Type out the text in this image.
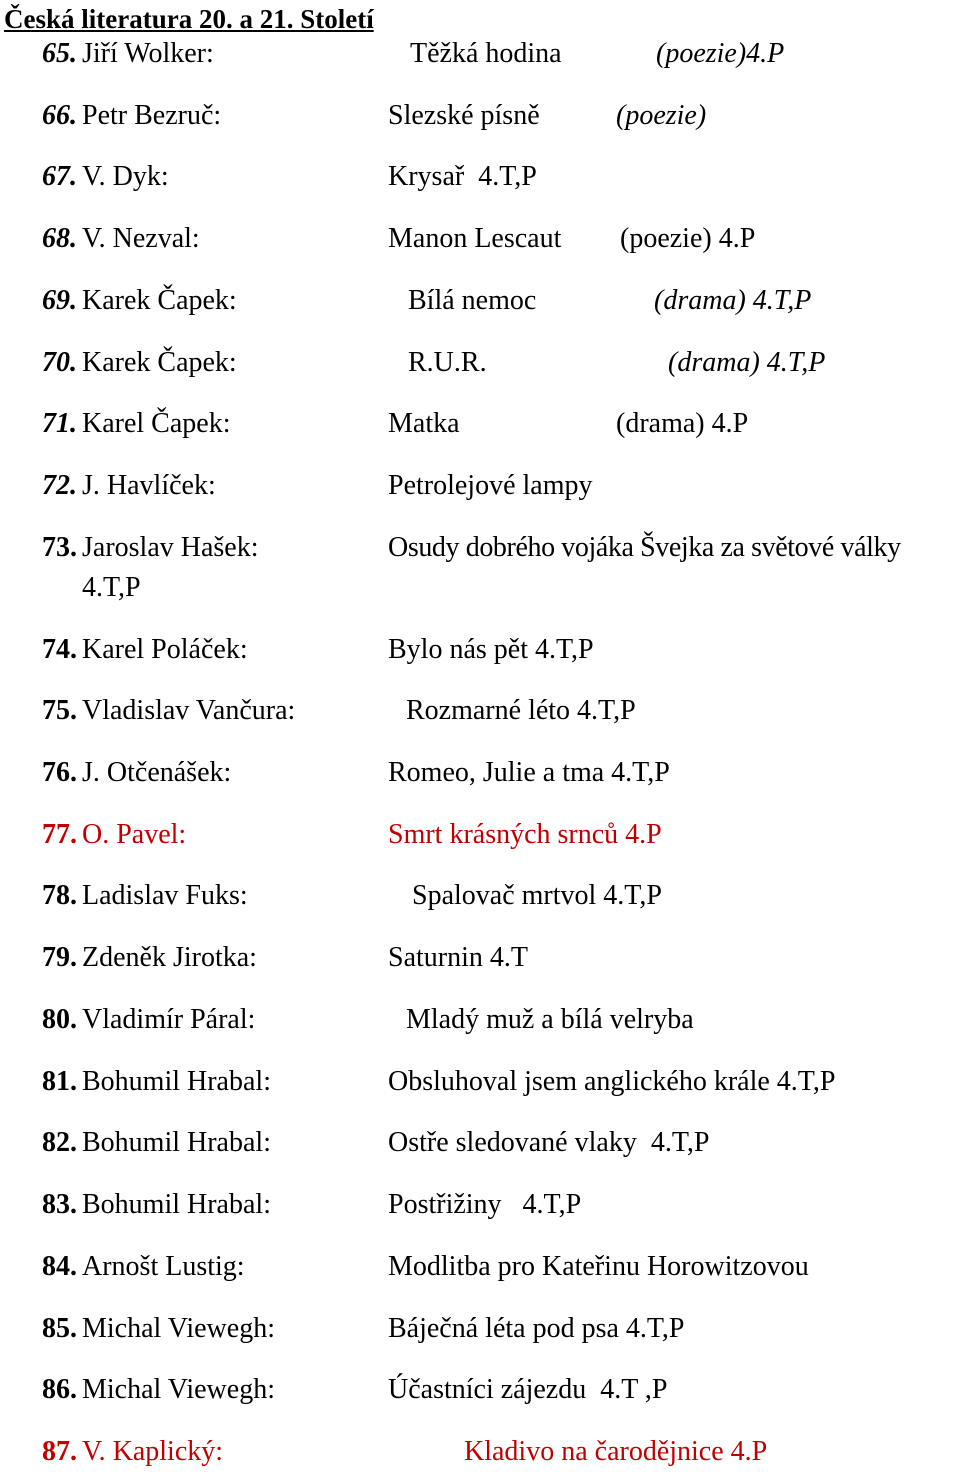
Česká literatura 20. a 21. Století
65. Jiří Wolker:	Těžká hodina	(poezie)4.P
66. Petr Bezruč:	Slezské písně	(poezie)
67. V. Dyk:	Krysař  4.T,P
68. V. Nezval:	Manon Lescaut (poezie) 4.P
69. Karek Čapek:	Bílá nemoc	(drama) 4.T,P
70. Karek Čapek:	R.U.R.	(drama) 4.T,P
71. Karel Čapek:	Matka	(drama) 4.P
72. J. Havlíček:	Petrolejové lampy
73. Jaroslav Hašek:	Osudy dobrého vojáka Švejka za světové války
4.T,P
74. Karel Poláček:	Bylo nás pět 4.T,P
75. Vladislav Vančura:	Rozmarné léto 4.T,P
76. J. Otčenášek:	Romeo, Julie a tma 4.T,P
77. O. Pavel:	Smrt krásných srnců 4.P
78. Ladislav Fuks:	Spalovač mrtvol 4.T,P
79. Zdeněk Jirotka:	Saturnin 4.T
80. Vladimír Páral:	Mladý muž a bílá velryba
81. Bohumil Hrabal:	Obsluhoval jsem anglického krále 4.T,P
82. Bohumil Hrabal:	Ostře sledované vlaky  4.T,P
83. Bohumil Hrabal:	Postřižiny   4.T,P
84. Arnošt Lustig:	Modlitba pro Kateřinu Horowitzovou
85. Michal Viewegh:	Báječná léta pod psa 4.T,P
86. Michal Viewegh:	Účastníci zájezdu  4.T ,P
87. V. Kaplický:	Kladivo na čarodějnice 4.P
